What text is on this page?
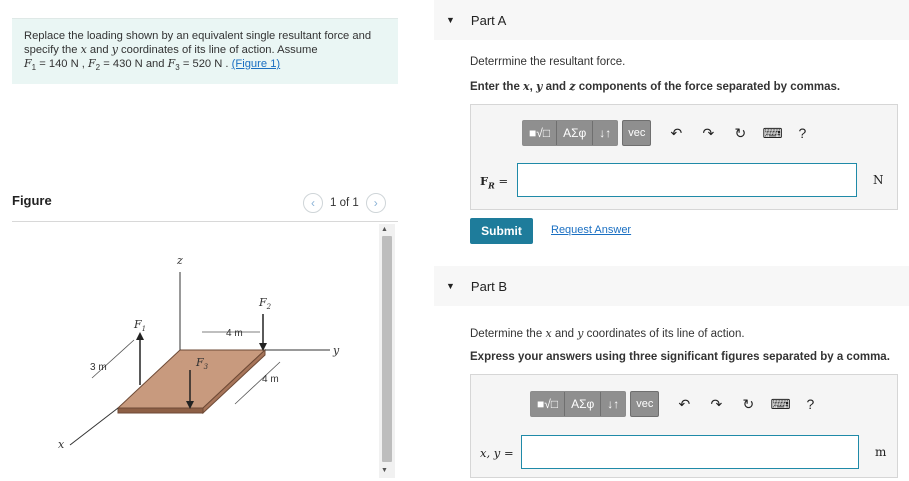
Replace the loading shown by an equivalent single resultant force and specify the x and y coordinates of its line of action. Assume
$F_1 = 140$ N , $F_2 = 430$ N and $F_3 = 520$ N . (Figure 1)
Figure	‹ 1 of 1 ›
▲
▼
z
y
x
$F_1$
$F_2$
$F_3$
3 m
4 m
4 m
▼ Part A
Deterrmine the resultant force.
Enter the x, y and z components of the force separated by commas.
■√□	ΑΣφ	↓↑	vec	↶	↷	↻	⌨	?
$F_R$ =	N
Submit	Request Answer
▼ Part B
Determine the x and y coordinates of its line of action.
Express your answers using three significant figures separated by a comma.
■√□	ΑΣφ	↓↑	vec	↶	↷	↻	⌨	?
x, y =	m
